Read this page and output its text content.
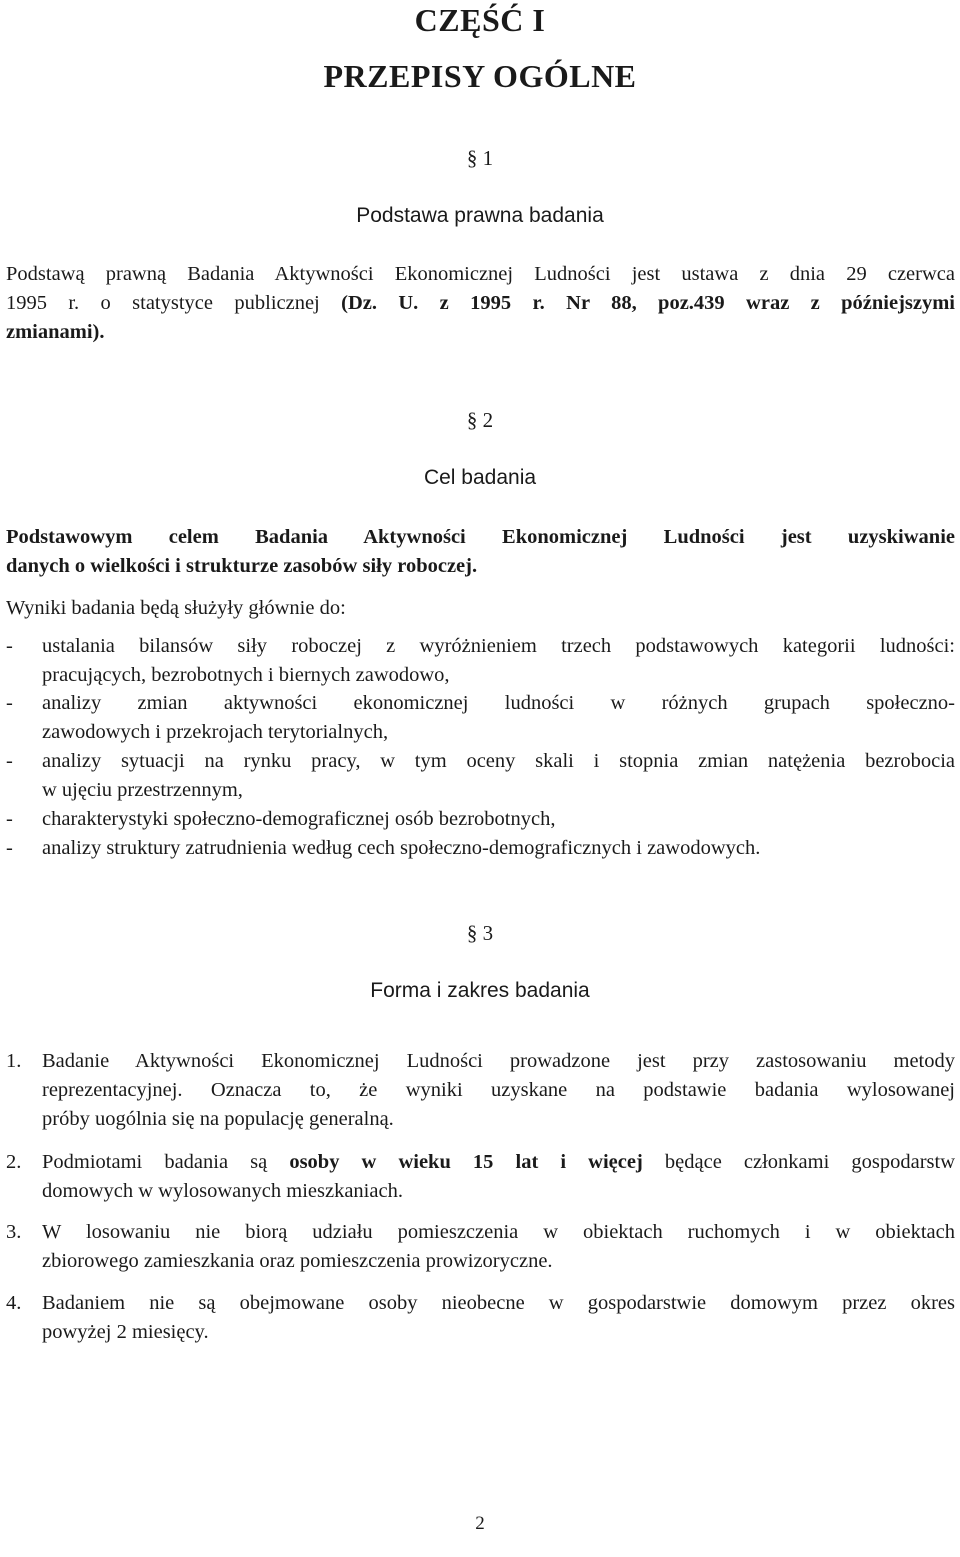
CZĘŚĆ I
PRZEPISY OGÓLNE
§ 1
Podstawa prawna badania
Podstawą prawną Badania Aktywności Ekonomicznej Ludności jest ustawa z dnia 29 czerwca
1995 r. o statystyce publicznej (Dz. U. z 1995 r. Nr 88, poz.439 wraz z późniejszymi
zmianami).
§ 2
Cel badania
Podstawowym celem Badania Aktywności Ekonomicznej Ludności jest uzyskiwanie
danych o wielkości i strukturze zasobów siły roboczej.
Wyniki badania będą służyły głównie do:
- ustalania bilansów siły roboczej z wyróżnieniem trzech podstawowych kategorii ludności:
pracujących, bezrobotnych i biernych zawodowo,
- analizy zmian aktywności ekonomicznej ludności w różnych grupach społeczno-
zawodowych i przekrojach terytorialnych,
- analizy sytuacji na rynku pracy, w tym oceny skali i stopnia zmian natężenia bezrobocia
w ujęciu przestrzennym,
- charakterystyki społeczno-demograficznej osób bezrobotnych,
- analizy struktury zatrudnienia według cech społeczno-demograficznych i zawodowych.
§ 3
Forma i zakres badania
1. Badanie Aktywności Ekonomicznej Ludności prowadzone jest przy zastosowaniu metody
reprezentacyjnej. Oznacza to, że wyniki uzyskane na podstawie badania wylosowanej
próby uogólnia się na populację generalną.
2. Podmiotami badania są osoby w wieku 15 lat i więcej będące członkami gospodarstw
domowych w wylosowanych mieszkaniach.
3. W losowaniu nie biorą udziału pomieszczenia w obiektach ruchomych i w obiektach
zbiorowego zamieszkania oraz pomieszczenia prowizoryczne.
4. Badaniem nie są obejmowane osoby nieobecne w gospodarstwie domowym przez okres
powyżej 2 miesięcy.
2
